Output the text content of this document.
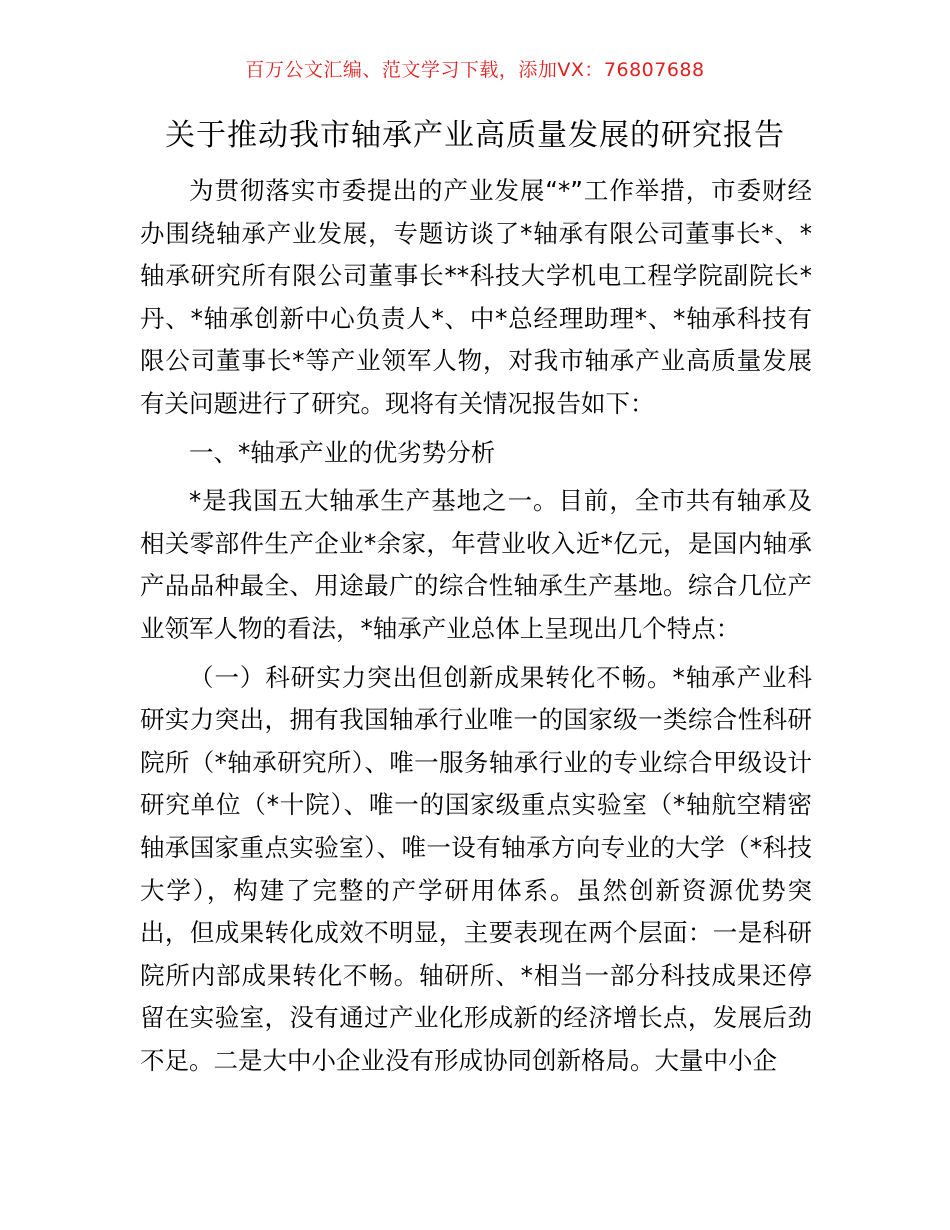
百万公文汇编、范文学习下载，添加VX：76807688
关于推动我市轴承产业高质量发展的研究报告

为贯彻落实市委提出的产业发展“*”工作举措，市委财经办围绕轴承产业发展，专题访谈了*轴承有限公司董事长*、*轴承研究所有限公司董事长**科技大学机电工程学院副院长*丹、*轴承创新中心负责人*、中*总经理助理*、*轴承科技有限公司董事长*等产业领军人物，对我市轴承产业高质量发展有关问题进行了研究。现将有关情况报告如下：

一、*轴承产业的优劣势分析

*是我国五大轴承生产基地之一。目前，全市共有轴承及相关零部件生产企业*余家，年营业收入近*亿元，是国内轴承产品品种最全、用途最广的综合性轴承生产基地。综合几位产业领军人物的看法，*轴承产业总体上呈现出几个特点：

（一）科研实力突出但创新成果转化不畅。*轴承产业科研实力突出，拥有我国轴承行业唯一的国家级一类综合性科研院所（*轴承研究所）、唯一服务轴承行业的专业综合甲级设计研究单位（*十院）、唯一的国家级重点实验室（*轴航空精密轴承国家重点实验室）、唯一设有轴承方向专业的大学（*科技大学），构建了完整的产学研用体系。虽然创新资源优势突出，但成果转化成效不明显，主要表现在两个层面：一是科研院所内部成果转化不畅。轴研所、*相当一部分科技成果还停留在实验室，没有通过产业化形成新的经济增长点，发展后劲不足。二是大中小企业没有形成协同创新格局。大量中小企
